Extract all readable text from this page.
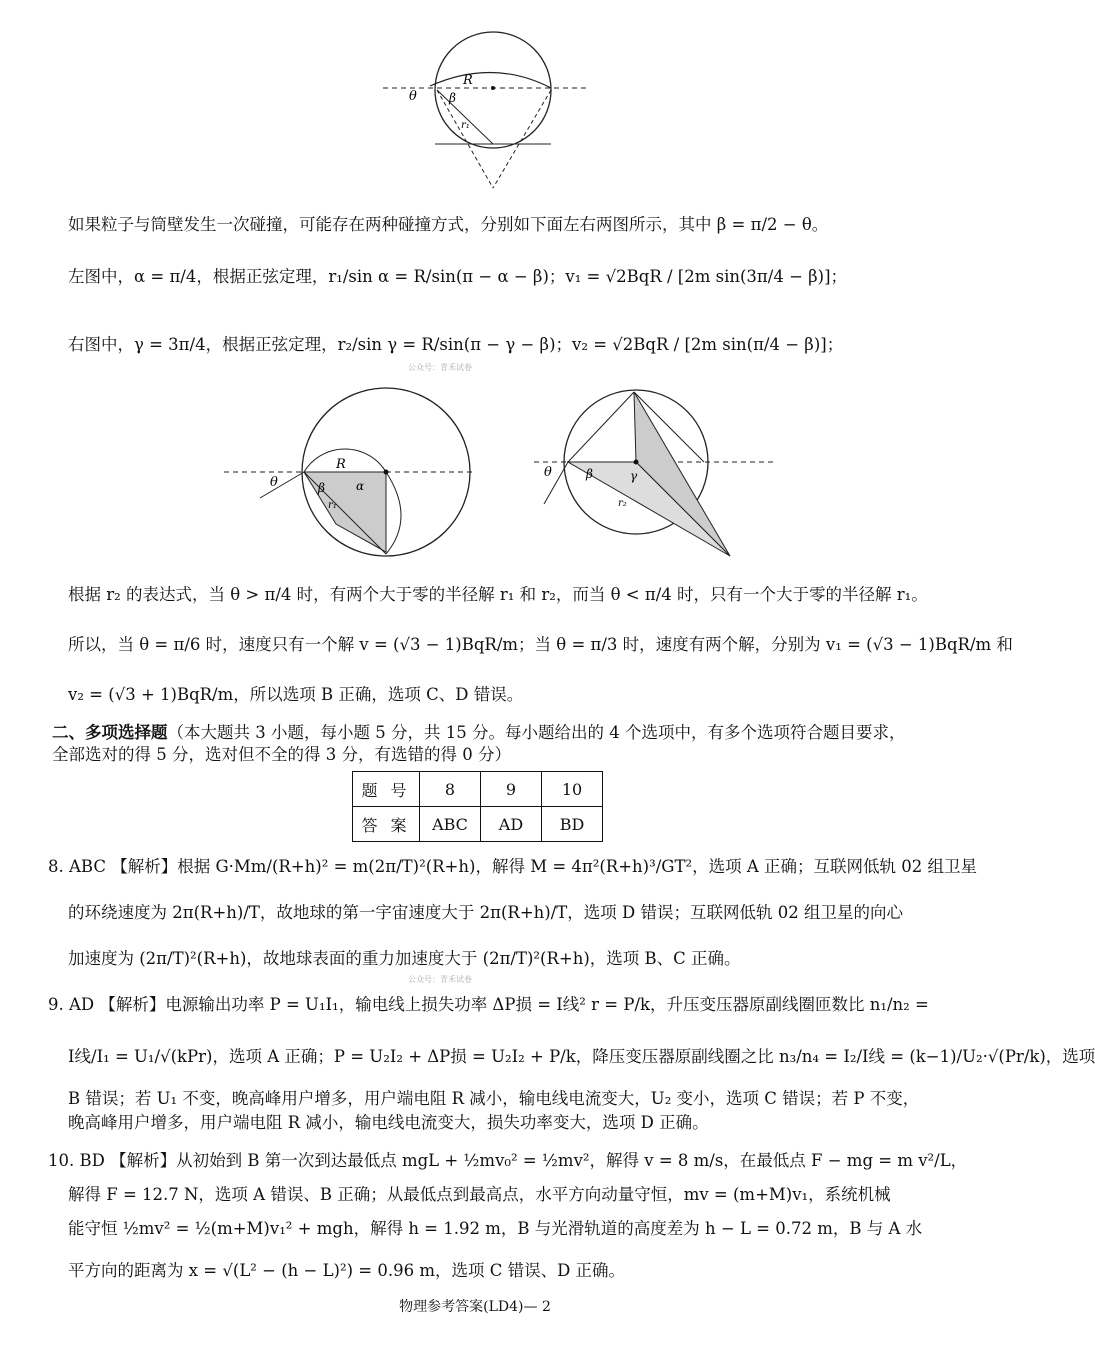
θ	β
R
r₁
如果粒子与筒壁发生一次碰撞，可能存在两种碰撞方式，分别如下面左右两图所示，其中 β = π/2 − θ。
左图中，α = π/4，根据正弦定理，r₁/sin α = R/sin(π − α − β)；v₁ = √2BqR / [2m sin(3π/4 − β)]；
右图中，γ = 3π/4，根据正弦定理，r₂/sin γ = R/sin(π − γ − β)；v₂ = √2BqR / [2m sin(π/4 − β)]；
公众号：青禾试卷
θ	β	α
R
r₁
θ	β	γ
r₂
根据 r₂ 的表达式，当 θ > π/4 时，有两个大于零的半径解 r₁ 和 r₂，而当 θ < π/4 时，只有一个大于零的半径解 r₁。
所以，当 θ = π/6 时，速度只有一个解 v = (√3 − 1)BqR/m；当 θ = π/3 时，速度有两个解，分别为 v₁ = (√3 − 1)BqR/m 和
v₂ = (√3 + 1)BqR/m，所以选项 B 正确，选项 C、D 错误。
二、多项选择题（本大题共 3 小题，每小题 5 分，共 15 分。每小题给出的 4 个选项中，有多个选项符合题目要求，全部选对的得 5 分，选对但不全的得 3 分，有选错的得 0 分）
题 号	8	9	10
答 案	ABC	AD	BD
8. ABC 【解析】根据 G·Mm/(R+h)² = m(2π/T)²(R+h)，解得 M = 4π²(R+h)³/GT²，选项 A 正确；互联网低轨 02 组卫星
的环绕速度为 2π(R+h)/T，故地球的第一宇宙速度大于 2π(R+h)/T，选项 D 错误；互联网低轨 02 组卫星的向心
加速度为 (2π/T)²(R+h)，故地球表面的重力加速度大于 (2π/T)²(R+h)，选项 B、C 正确。
公众号：青禾试卷
9. AD 【解析】电源输出功率 P = U₁I₁，输电线上损失功率 ΔP损 = I线² r = P/k，升压变压器原副线圈匝数比 n₁/n₂ =
I线/I₁ = U₁/√(kPr)，选项 A 正确；P = U₂I₂ + ΔP损 = U₂I₂ + P/k，降压变压器原副线圈之比 n₃/n₄ = I₂/I线 = (k−1)/U₂·√(Pr/k)，选项
B 错误；若 U₁ 不变，晚高峰用户增多，用户端电阻 R 减小，输电线电流变大，U₂ 变小，选项 C 错误；若 P 不变，
晚高峰用户增多，用户端电阻 R 减小，输电线电流变大，损失功率变大，选项 D 正确。
10. BD 【解析】从初始到 B 第一次到达最低点 mgL + ½mv₀² = ½mv²，解得 v = 8 m/s，在最低点 F − mg = m v²/L，
解得 F = 12.7 N，选项 A 错误、B 正确；从最低点到最高点，水平方向动量守恒，mv = (m+M)v₁，系统机械
能守恒 ½mv² = ½(m+M)v₁² + mgh，解得 h = 1.92 m，B 与光滑轨道的高度差为 h − L = 0.72 m，B 与 A 水
平方向的距离为 x = √(L² − (h − L)²) = 0.96 m，选项 C 错误、D 正确。
物理参考答案(LD4)— 2
